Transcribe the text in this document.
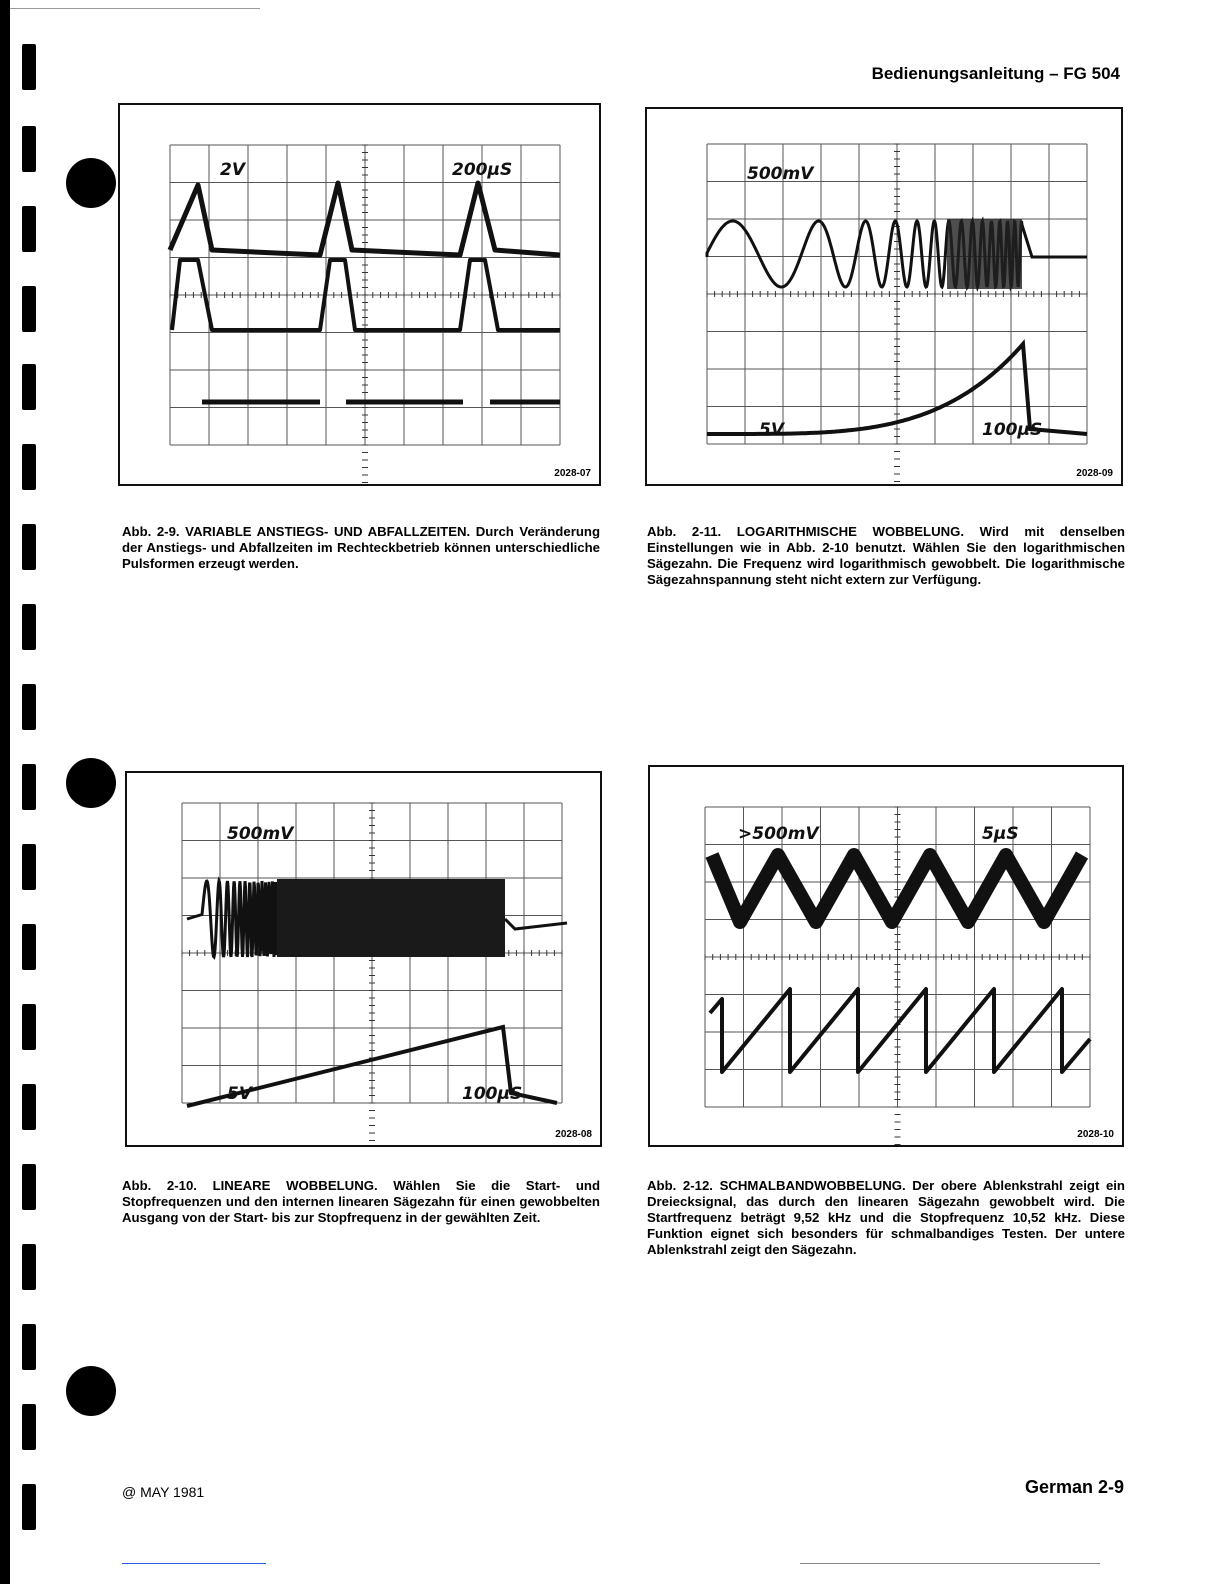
Bedienungsanleitung – FG 504
2V	200µS
2028-07
500mV
5V	100µS
2028-09
500mV
5V	100µS
2028-08
>500mV	5µS
2028-10
Abb. 2-9. VARIABLE ANSTIEGS- UND ABFALLZEITEN. Durch Veränderung der Anstiegs- und Abfallzeiten im Rechteckbetrieb können unterschiedliche Pulsformen erzeugt werden.
Abb. 2-11. LOGARITHMISCHE WOBBELUNG. Wird mit denselben Einstellungen wie in Abb. 2-10 benutzt. Wählen Sie den logarithmischen Sägezahn. Die Frequenz wird logarithmisch gewobbelt. Die logarithmische Sägezahnspannung steht nicht extern zur Verfügung.
Abb. 2-10. LINEARE WOBBELUNG. Wählen Sie die Start- und Stopfrequenzen und den internen linearen Sägezahn für einen gewobbelten Ausgang von der Start- bis zur Stopfrequenz in der gewählten Zeit.
Abb. 2-12. SCHMALBANDWOBBELUNG. Der obere Ablenkstrahl zeigt ein Dreiecksignal, das durch den linearen Sägezahn gewobbelt wird. Die Startfrequenz beträgt 9,52 kHz und die Stopfrequenz 10,52 kHz. Diese Funktion eignet sich besonders für schmalbandiges Testen. Der untere Ablenkstrahl zeigt den Sägezahn.
@ MAY 1981	German 2-9
